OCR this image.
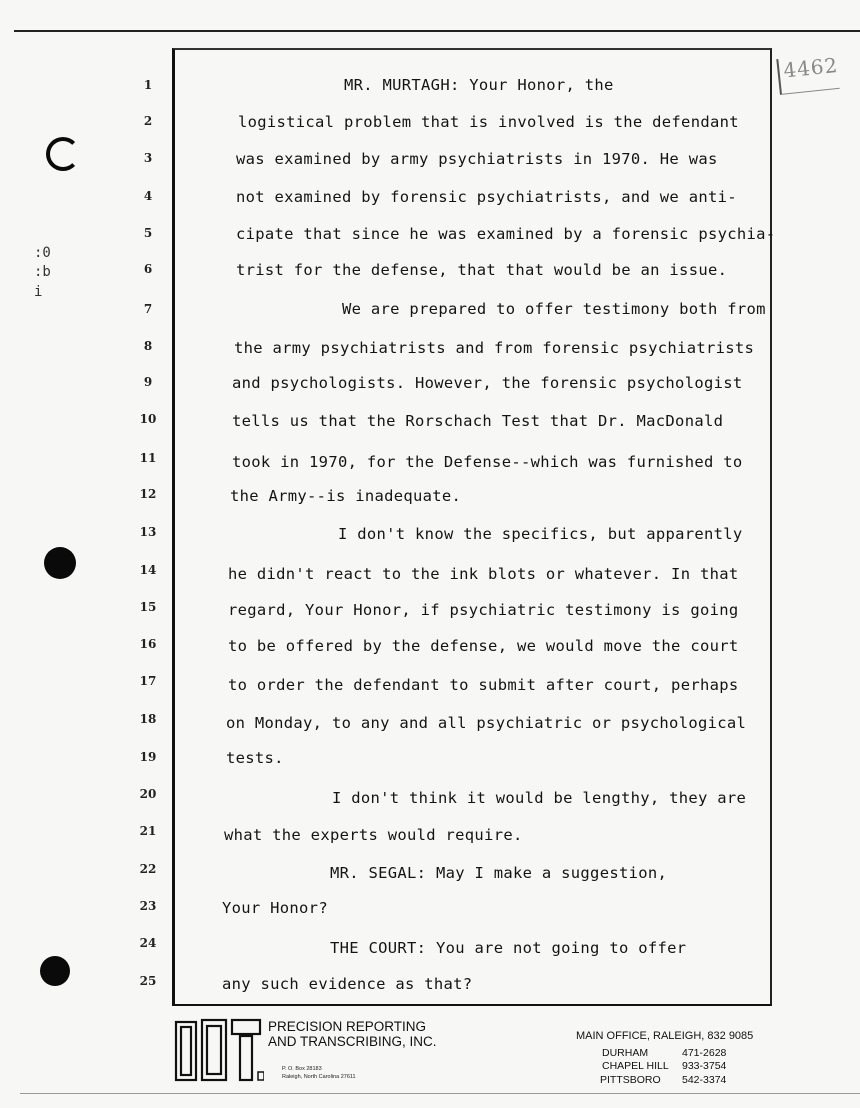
:0
:b
i
4462
1
2
3
4
5
6
7
8
9
10
11
12
13
14
15
16
17
18
19
20
21
22
23
24
25
MR. MURTAGH: Your Honor, the
logistical problem that is involved is the defendant
was examined by army psychiatrists in 1970. He was
not examined by forensic psychiatrists, and we anti-
cipate that since he was examined by a forensic psychia-
trist for the defense, that that would be an issue.
We are prepared to offer testimony both from
the army psychiatrists and from forensic psychiatrists
and psychologists. However, the forensic psychologist
tells us that the Rorschach Test that Dr. MacDonald
took in 1970, for the Defense--which was furnished to
the Army--is inadequate.
I don't know the specifics, but apparently
he didn't react to the ink blots or whatever. In that
regard, Your Honor, if psychiatric testimony is going
to be offered by the defense, we would move the court
to order the defendant to submit after court, perhaps
on Monday, to any and all psychiatric or psychological
tests.
I don't think it would be lengthy, they are
what the experts would require.
MR. SEGAL: May I make a suggestion,
Your Honor?
THE COURT: You are not going to offer
any such evidence as that?
PRECISION REPORTING
AND TRANSCRIBING, INC.
P. O. Box 28183
Raleigh, North Carolina 27611
MAIN OFFICE, RALEIGH, 832 9085
DURHAM	471-2628
CHAPEL HILL 933-3754
PITTSBORO 542-3374
